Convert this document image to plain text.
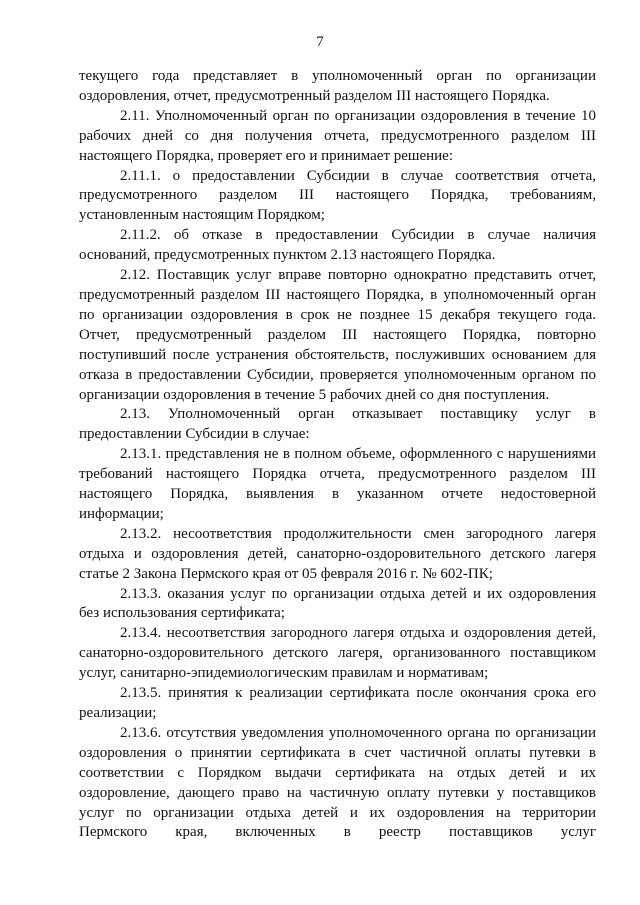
7

текущего года представляет в уполномоченный орган по организации оздоровления, отчет, предусмотренный разделом III настоящего Порядка.

2.11. Уполномоченный орган по организации оздоровления в течение 10 рабочих дней со дня получения отчета, предусмотренного разделом III настоящего Порядка, проверяет его и принимает решение:

2.11.1. о предоставлении Субсидии в случае соответствия отчета, предусмотренного разделом III настоящего Порядка, требованиям, установленным настоящим Порядком;

2.11.2. об отказе в предоставлении Субсидии в случае наличия оснований, предусмотренных пунктом 2.13 настоящего Порядка.

2.12. Поставщик услуг вправе повторно однократно представить отчет, предусмотренный разделом III настоящего Порядка, в уполномоченный орган по организации оздоровления в срок не позднее 15 декабря текущего года. Отчет, предусмотренный разделом III настоящего Порядка, повторно поступивший после устранения обстоятельств, послуживших основанием для отказа в предоставлении Субсидии, проверяется уполномоченным органом по организации оздоровления в течение 5 рабочих дней со дня поступления.

2.13. Уполномоченный орган отказывает поставщику услуг в предоставлении Субсидии в случае:

2.13.1. представления не в полном объеме, оформленного с нарушениями требований настоящего Порядка отчета, предусмотренного разделом III настоящего Порядка, выявления в указанном отчете недостоверной информации;

2.13.2. несоответствия продолжительности смен загородного лагеря отдыха и оздоровления детей, санаторно-оздоровительного детского лагеря статье 2 Закона Пермского края от 05 февраля 2016 г. № 602-ПК;

2.13.3. оказания услуг по организации отдыха детей и их оздоровления без использования сертификата;

2.13.4. несоответствия загородного лагеря отдыха и оздоровления детей, санаторно-оздоровительного детского лагеря, организованного поставщиком услуг, санитарно-эпидемиологическим правилам и нормативам;

2.13.5. принятия к реализации сертификата после окончания срока его реализации;

2.13.6. отсутствия уведомления уполномоченного органа по организации оздоровления о принятии сертификата в счет частичной оплаты путевки в соответствии с Порядком выдачи сертификата на отдых детей и их оздоровление, дающего право на частичную оплату путевки у поставщиков услуг по организации отдыха детей и их оздоровления на территории Пермского края, включенных в реестр поставщиков услуг
